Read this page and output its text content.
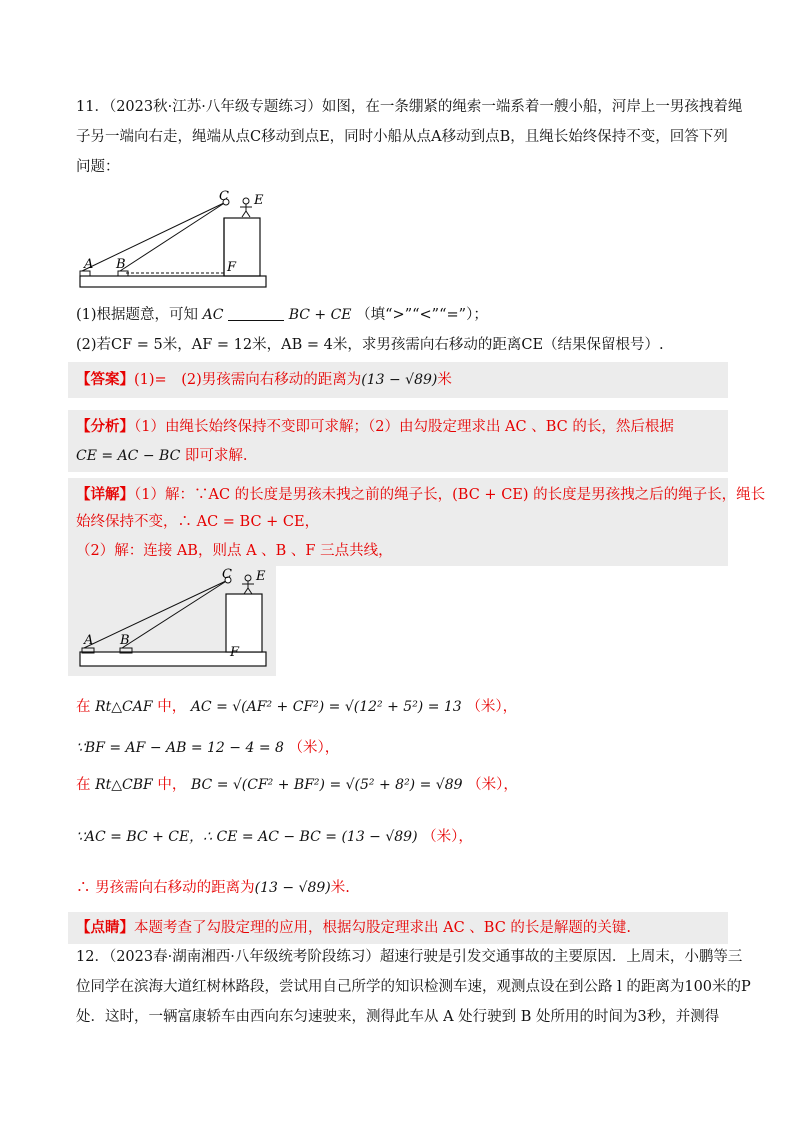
11．（2023秋·江苏·八年级专题练习）如图，在一条绷紧的绳索一端系着一艘小船，河岸上一男孩拽着绳
子另一端向右走，绳端从点C移动到点E，同时小船从点A移动到点B，且绳长始终保持不变，回答下列
问题：
A B
C E
F
(1)根据题意，可知 AC	BC + CE （填“>”“<”“=”）；
(2)若CF = 5米，AF = 12米，AB = 4米，求男孩需向右移动的距离CE（结果保留根号）.
【答案】(1)=　(2)男孩需向右移动的距离为(13 − √89)米
【分析】（1）由绳长始终保持不变即可求解；（2）由勾股定理求出 AC 、BC 的长，然后根据
CE = AC − BC 即可求解.
【详解】（1）解：∵AC 的长度是男孩未拽之前的绳子长，(BC + CE) 的长度是男孩拽之后的绳子长，绳长
始终保持不变，∴ AC = BC + CE，
（2）解：连接 AB，则点 A 、B 、F 三点共线，
A B
C E
F
在 Rt△CAF 中， AC = √(AF² + CF²) = √(12² + 5²) = 13 （米），
∵BF = AF − AB = 12 − 4 = 8 （米），
在 Rt△CBF 中， BC = √(CF² + BF²) = √(5² + 8²) = √89 （米），
∵AC = BC + CE，∴ CE = AC − BC = (13 − √89) （米），
∴ 男孩需向右移动的距离为(13 − √89)米.
【点睛】本题考查了勾股定理的应用，根据勾股定理求出 AC 、BC 的长是解题的关键.
12．（2023春·湖南湘西·八年级统考阶段练习）超速行驶是引发交通事故的主要原因．上周末，小鹏等三
位同学在滨海大道红树林路段，尝试用自己所学的知识检测车速，观测点设在到公路 l 的距离为100米的P
处．这时，一辆富康轿车由西向东匀速驶来，测得此车从 A 处行驶到 B 处所用的时间为3秒，并测得
